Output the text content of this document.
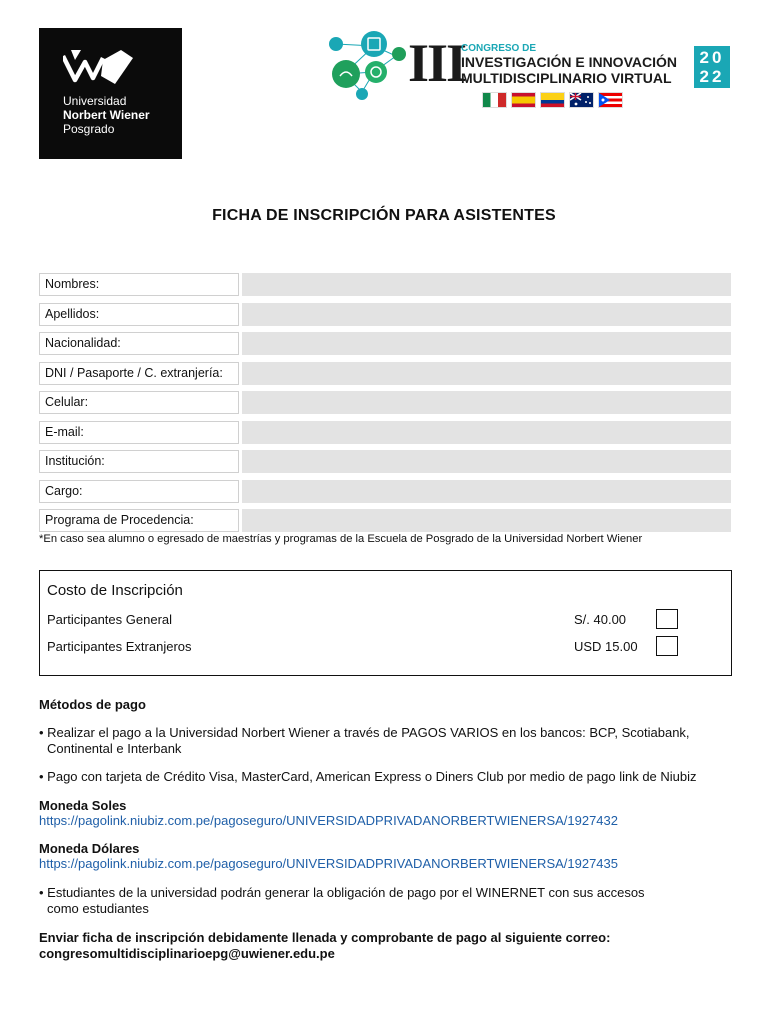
Universidad
Norbert Wiener
Posgrado
III
CONGRESO DE
INVESTIGACIÓN E INNOVACIÓN
MULTIDISCIPLINARIO VIRTUAL
20
22
FICHA DE INSCRIPCIÓN PARA ASISTENTES
Nombres:
Apellidos:
Nacionalidad:
DNI / Pasaporte / C. extranjería:
Celular:
E-mail:
Institución:
Cargo:
Programa de Procedencia:
*En caso sea alumno o egresado de maestrías y programas de la Escuela de Posgrado de la Universidad Norbert Wiener
Costo de Inscripción
Participantes General	S/. 40.00
Participantes Extranjeros	USD 15.00
Métodos de pago
• Realizar el pago a la Universidad Norbert Wiener a través de PAGOS VARIOS en los bancos: BCP, Scotiabank,
Continental e Interbank
• Pago con tarjeta de Crédito Visa, MasterCard, American Express o Diners Club por medio de pago link de Niubiz
Moneda Soles
https://pagolink.niubiz.com.pe/pagoseguro/UNIVERSIDADPRIVADANORBERTWIENERSA/1927432
Moneda Dólares
https://pagolink.niubiz.com.pe/pagoseguro/UNIVERSIDADPRIVADANORBERTWIENERSA/1927435
• Estudiantes de la universidad podrán generar la obligación de pago por el WINERNET con sus accesos
como estudiantes
Enviar ficha de inscripción debidamente llenada y comprobante de pago al siguiente correo:
congresomultidisciplinarioepg@uwiener.edu.pe
